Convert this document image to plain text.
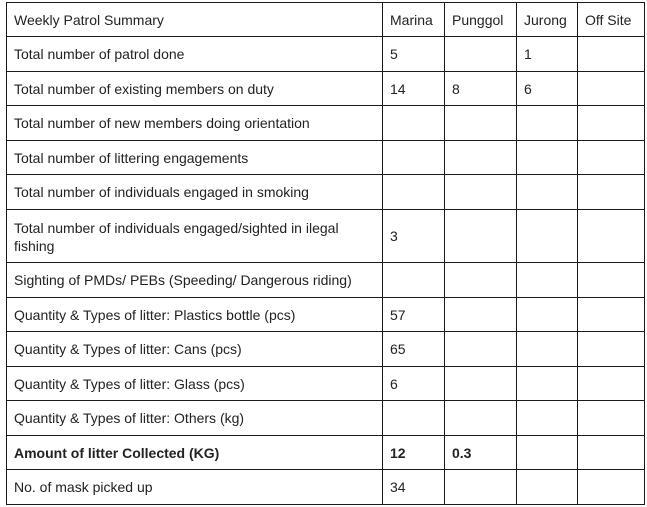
Weekly Patrol Summary	Marina	Punggol	Jurong	Off Site
Total number of patrol done	5		1	
Total number of existing members on duty	14	8	6	
Total number of new members doing orientation				
Total number of littering engagements				
Total number of individuals engaged in smoking				
Total number of individuals engaged/sighted in ilegal fishing	3			
Sighting of PMDs/ PEBs (Speeding/ Dangerous riding)				
Quantity & Types of litter: Plastics bottle (pcs)	57			
Quantity & Types of litter: Cans (pcs)	65			
Quantity & Types of litter: Glass (pcs)	6			
Quantity & Types of litter: Others (kg)				
Amount of litter Collected (KG)	12	0.3		
No. of mask picked up	34			
